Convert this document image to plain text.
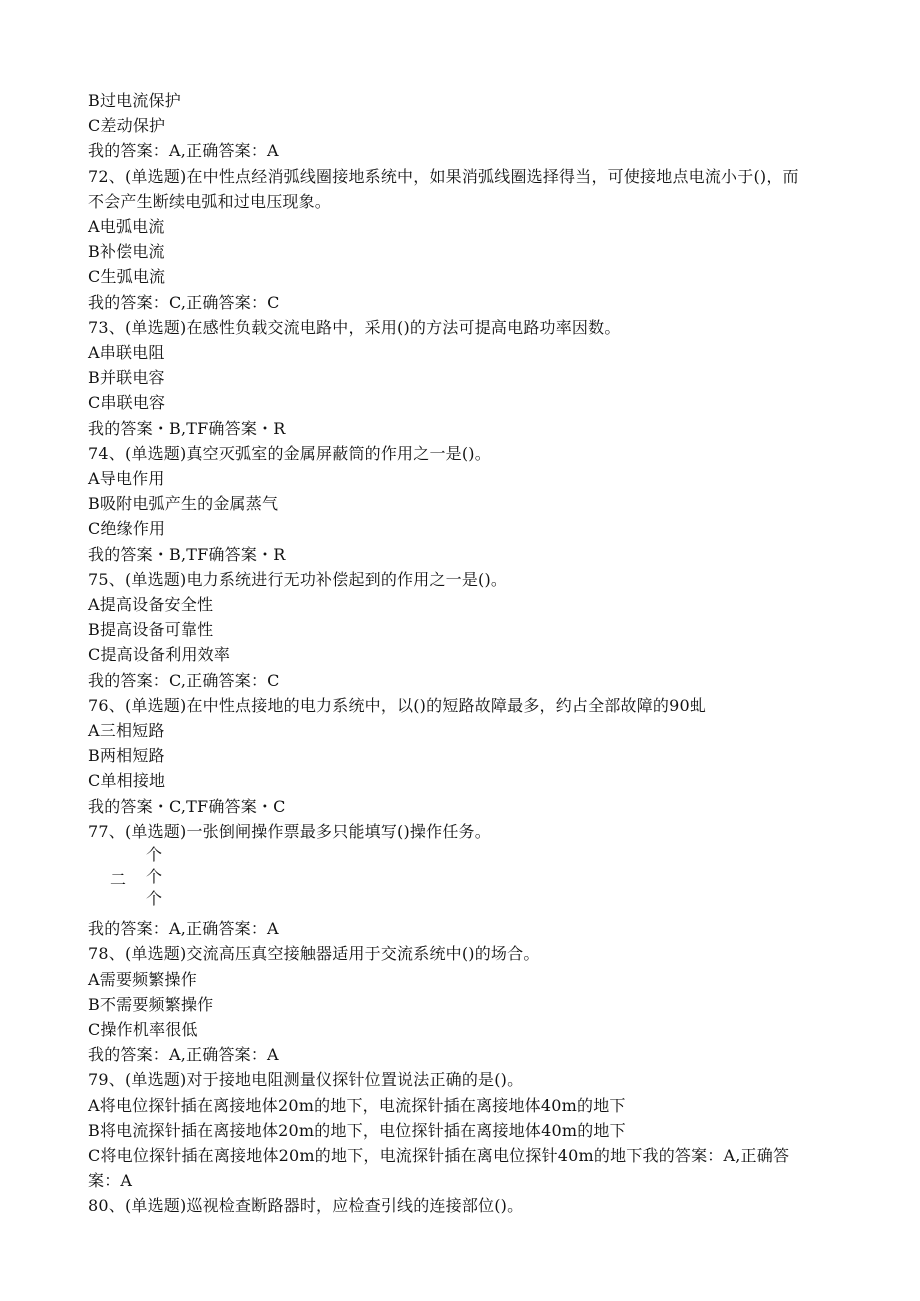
B过电流保护
C差动保护
我的答案：A,正确答案：A
72、(单选题)在中性点经消弧线圈接地系统中，如果消弧线圈选择得当，可使接地点电流小于()，而不会产生断续电弧和过电压现象。
A电弧电流
B补偿电流
C生弧电流
我的答案：C,正确答案：C
73、(单选题)在感性负载交流电路中，采用()的方法可提高电路功率因数。
A串联电阻
B并联电容
C串联电容
我的答案・B,TF确答案・R
74、(单选题)真空灭弧室的金属屏蔽筒的作用之一是()。
A导电作用
B吸附电弧产生的金属蒸气
C绝缘作用
我的答案・B,TF确答案・R
75、(单选题)电力系统进行无功补偿起到的作用之一是()。
A提高设备安全性
B提高设备可靠性
C提高设备利用效率
我的答案：C,正确答案：C
76、(单选题)在中性点接地的电力系统中，以()的短路故障最多，约占全部故障的90虬
A三相短路
B两相短路
C单相接地
我的答案・C,TF确答案・C
77、(单选题)一张倒闸操作票最多只能填写()操作任务。
二
个
个
个
我的答案：A,正确答案：A
78、(单选题)交流高压真空接触器适用于交流系统中()的场合。
A需要频繁操作
B不需要频繁操作
C操作机率很低
我的答案：A,正确答案：A
79、(单选题)对于接地电阻测量仪探针位置说法正确的是()。
A将电位探针插在离接地体20m的地下，电流探针插在离接地体40m的地下
B将电流探针插在离接地体20m的地下，电位探针插在离接地体40m的地下
C将电位探针插在离接地体20m的地下，电流探针插在离电位探针40m的地下我的答案：A,正确答案：A
80、(单选题)巡视检查断路器时，应检查引线的连接部位()。
